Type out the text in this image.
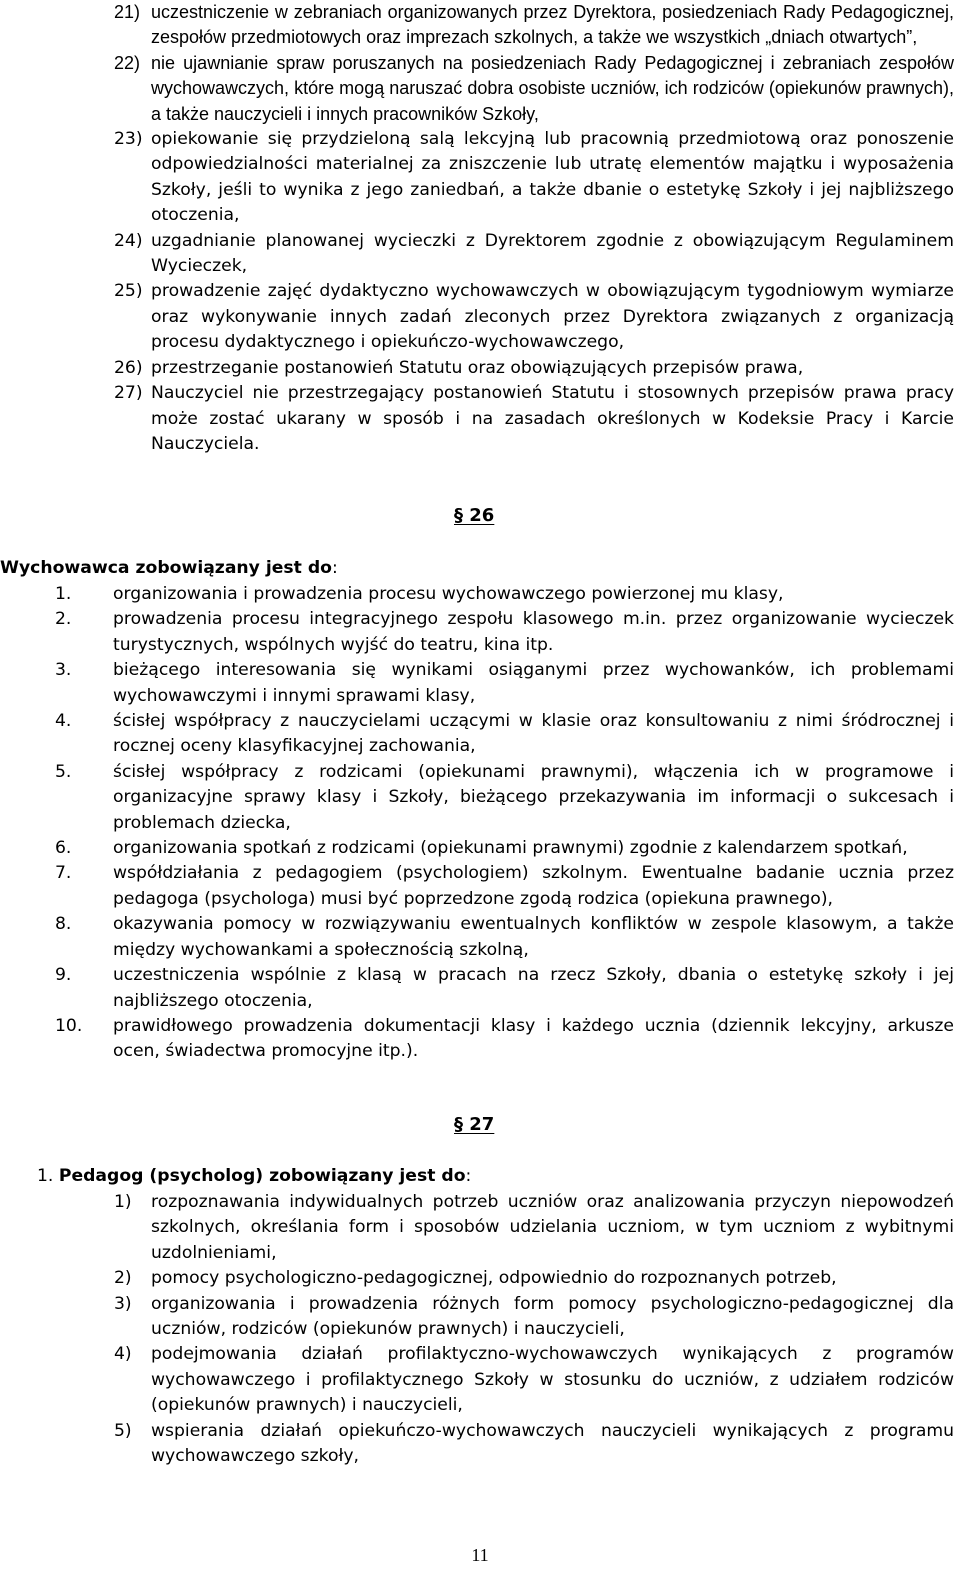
21) uczestniczenie w zebraniach organizowanych przez Dyrektora, posiedzeniach Rady Pedagogicznej, zespołów przedmiotowych oraz imprezach szkolnych, a także we wszystkich „dniach otwartych”,
22) nie ujawnianie spraw poruszanych na posiedzeniach Rady Pedagogicznej i zebraniach zespołów wychowawczych, które mogą naruszać dobra osobiste uczniów, ich rodziców (opiekunów prawnych), a także nauczycieli i innych pracowników Szkoły,
23) opiekowanie się przydzieloną salą lekcyjną lub pracownią przedmiotową oraz ponoszenie odpowiedzialności materialnej za zniszczenie lub utratę elementów majątku i wyposażenia Szkoły, jeśli to wynika z jego zaniedbań, a także dbanie o estetykę Szkoły i jej najbliższego otoczenia,
24) uzgadnianie planowanej wycieczki z Dyrektorem zgodnie z obowiązującym Regulaminem Wycieczek,
25) prowadzenie zajęć dydaktyczno wychowawczych w obowiązującym tygodniowym wymiarze oraz wykonywanie innych zadań zleconych przez Dyrektora związanych z organizacją procesu dydaktycznego i opiekuńczo-wychowawczego,
26) przestrzeganie postanowień Statutu oraz obowiązujących przepisów prawa,
27) Nauczyciel nie przestrzegający postanowień Statutu i stosownych przepisów prawa pracy może zostać ukarany w sposób i na zasadach określonych w Kodeksie Pracy i Karcie Nauczyciela.
§ 26
Wychowawca zobowiązany jest do:
1. organizowania i prowadzenia procesu wychowawczego powierzonej mu klasy,
2. prowadzenia procesu integracyjnego zespołu klasowego m.in. przez organizowanie wycieczek turystycznych, wspólnych wyjść do teatru, kina itp.
3. bieżącego interesowania się wynikami osiąganymi przez wychowanków, ich problemami wychowawczymi i innymi sprawami klasy,
4. ścisłej współpracy z nauczycielami uczącymi w klasie oraz konsultowaniu z nimi śródrocznej i rocznej oceny klasyfikacyjnej zachowania,
5. ścisłej współpracy z rodzicami (opiekunami prawnymi), włączenia ich w programowe i organizacyjne sprawy klasy i Szkoły, bieżącego przekazywania im informacji o sukcesach i problemach dziecka,
6. organizowania spotkań z rodzicami (opiekunami prawnymi) zgodnie z kalendarzem spotkań,
7. współdziałania z pedagogiem (psychologiem) szkolnym. Ewentualne badanie ucznia przez pedagoga (psychologa) musi być poprzedzone zgodą rodzica (opiekuna prawnego),
8. okazywania pomocy w rozwiązywaniu ewentualnych konfliktów w zespole klasowym, a także między wychowankami a społecznością szkolną,
9. uczestniczenia wspólnie z klasą w pracach na rzecz Szkoły, dbania o estetykę szkoły i jej najbliższego otoczenia,
10. prawidłowego prowadzenia dokumentacji klasy i każdego ucznia (dziennik lekcyjny, arkusze ocen, świadectwa promocyjne itp.).
§ 27
1. Pedagog (psycholog) zobowiązany jest do:
1) rozpoznawania indywidualnych potrzeb uczniów oraz analizowania przyczyn niepowodzeń szkolnych, określania form i sposobów udzielania uczniom, w tym uczniom z wybitnymi uzdolnieniami,
2) pomocy psychologiczno-pedagogicznej, odpowiednio do rozpoznanych potrzeb,
3) organizowania i prowadzenia różnych form pomocy psychologiczno-pedagogicznej dla uczniów, rodziców (opiekunów prawnych) i nauczycieli,
4) podejmowania działań profilaktyczno-wychowawczych wynikających z programów wychowawczego i profilaktycznego Szkoły w stosunku do uczniów, z udziałem rodziców (opiekunów prawnych) i nauczycieli,
5) wspierania działań opiekuńczo-wychowawczych nauczycieli wynikających z programu wychowawczego szkoły,
11
